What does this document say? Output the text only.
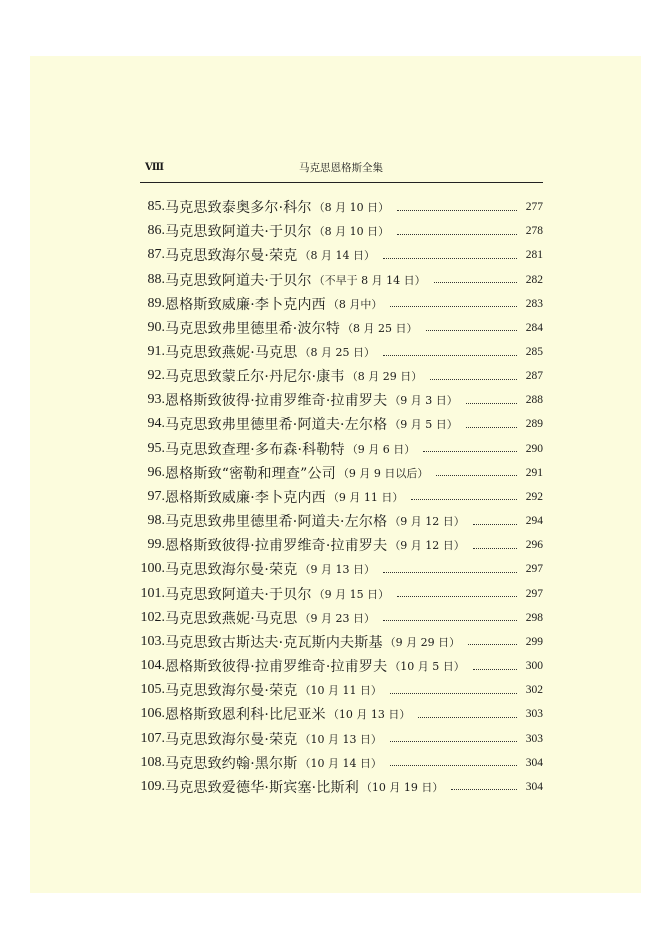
Ⅷ	马克思恩格斯全集
85. 马克思致泰奥多尔·科尔 （8 月 10 日）	277
86. 马克思致阿道夫·于贝尔 （8 月 10 日）	278
87. 马克思致海尔曼·荣克 （8 月 14 日）	281
88. 马克思致阿道夫·于贝尔 （不早于 8 月 14 日）	282
89. 恩格斯致威廉·李卜克内西 （8 月中）	283
90. 马克思致弗里德里希·波尔特 （8 月 25 日）	284
91. 马克思致燕妮·马克思 （8 月 25 日）	285
92. 马克思致蒙丘尔·丹尼尔·康韦 （8 月 29 日）	287
93. 恩格斯致彼得·拉甫罗维奇·拉甫罗夫 （9 月 3 日）	288
94. 马克思致弗里德里希·阿道夫·左尔格 （9 月 5 日）	289
95. 马克思致查理·多布森·科勒特 （9 月 6 日）	290
96. 恩格斯致“密勒和理查”公司 （9 月 9 日以后）	291
97. 恩格斯致威廉·李卜克内西 （9 月 11 日）	292
98. 马克思致弗里德里希·阿道夫·左尔格 （9 月 12 日）	294
99. 恩格斯致彼得·拉甫罗维奇·拉甫罗夫 （9 月 12 日）	296
100. 马克思致海尔曼·荣克 （9 月 13 日）	297
101. 马克思致阿道夫·于贝尔 （9 月 15 日）	297
102. 马克思致燕妮·马克思 （9 月 23 日）	298
103. 马克思致古斯达夫·克瓦斯内夫斯基 （9 月 29 日）	299
104. 恩格斯致彼得·拉甫罗维奇·拉甫罗夫 （10 月 5 日）	300
105. 马克思致海尔曼·荣克 （10 月 11 日）	302
106. 恩格斯致恩利科·比尼亚米 （10 月 13 日）	303
107. 马克思致海尔曼·荣克 （10 月 13 日）	303
108. 马克思致约翰·黑尔斯 （10 月 14 日）	304
109. 马克思致爱德华·斯宾塞·比斯利 （10 月 19 日）	304
